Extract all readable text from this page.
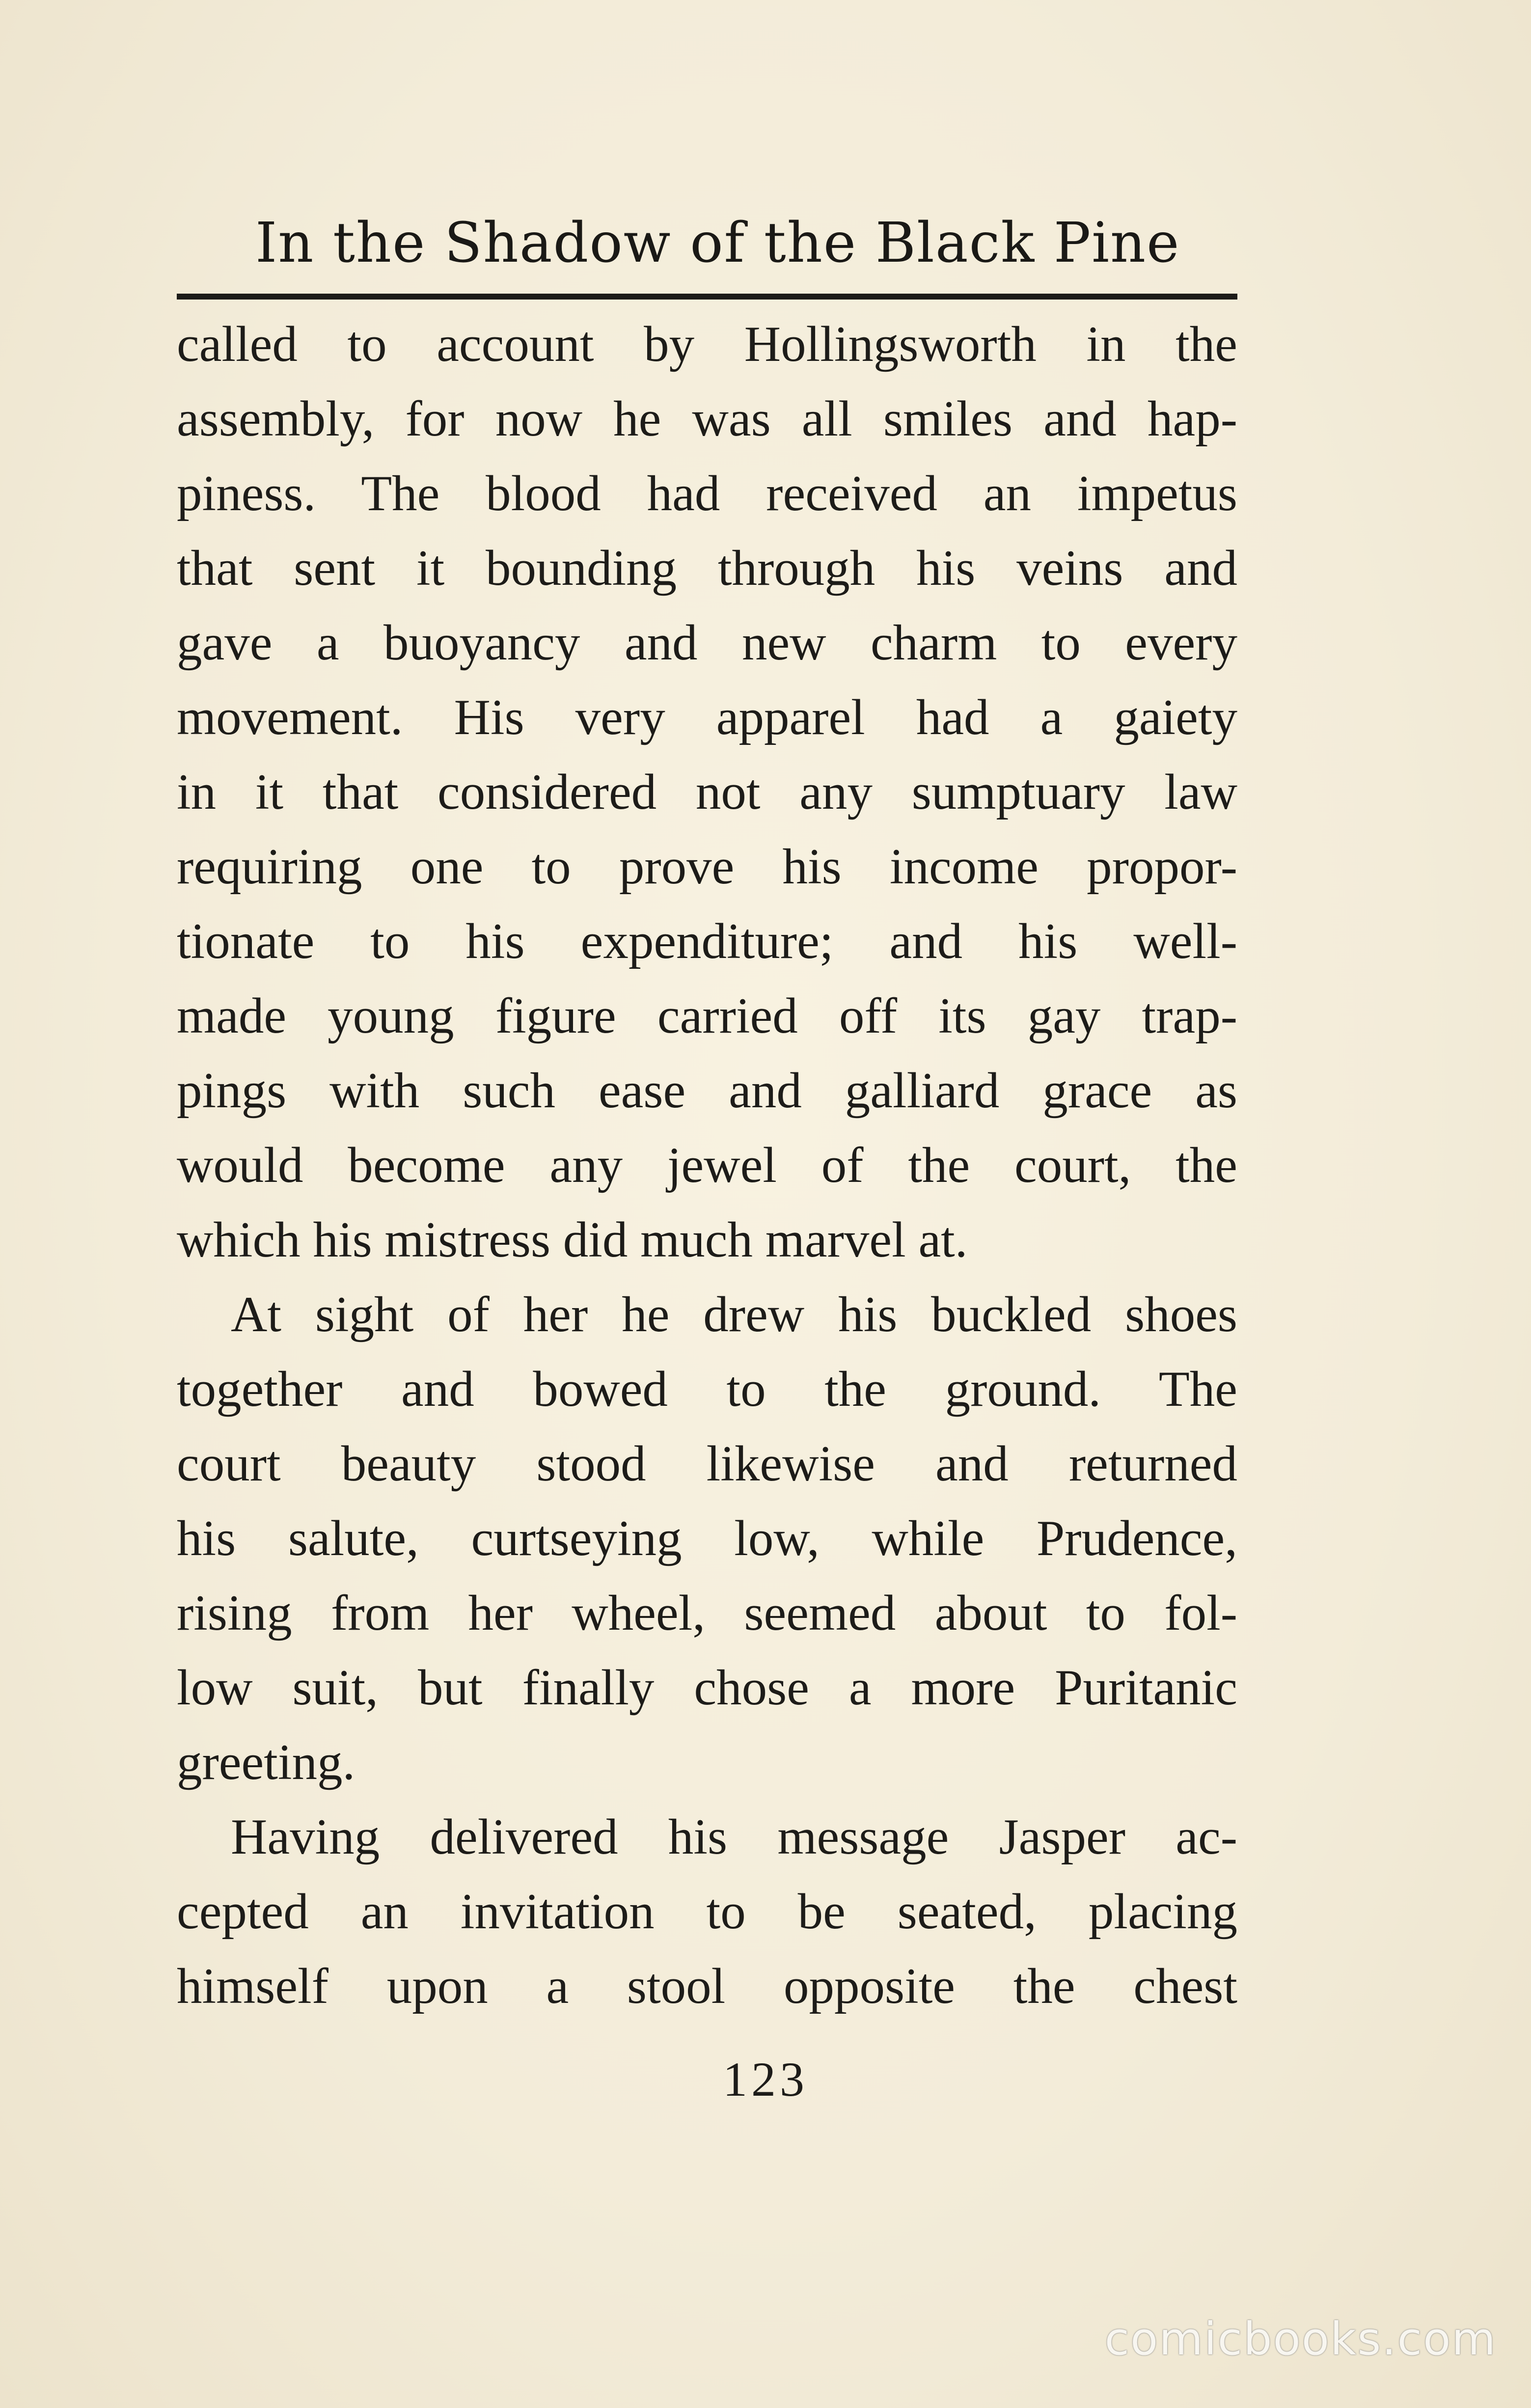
In the Shadow of the Black Pine
called to account by Hollingsworth in the
assembly, for now he was all smiles and hap-
piness. The blood had received an impetus
that sent it bounding through his veins and
gave a buoyancy and new charm to every
movement. His very apparel had a gaiety
in it that considered not any sumptuary law
requiring one to prove his income propor-
tionate to his expenditure; and his well-
made young figure carried off its gay trap-
pings with such ease and galliard grace as
would become any jewel of the court, the
which his mistress did much marvel at.
At sight of her he drew his buckled shoes
together and bowed to the ground. The
court beauty stood likewise and returned
his salute, curtseying low, while Prudence,
rising from her wheel, seemed about to fol-
low suit, but finally chose a more Puritanic
greeting.
Having delivered his message Jasper ac-
cepted an invitation to be seated, placing
himself upon a stool opposite the chest
123
comicbooks.com
